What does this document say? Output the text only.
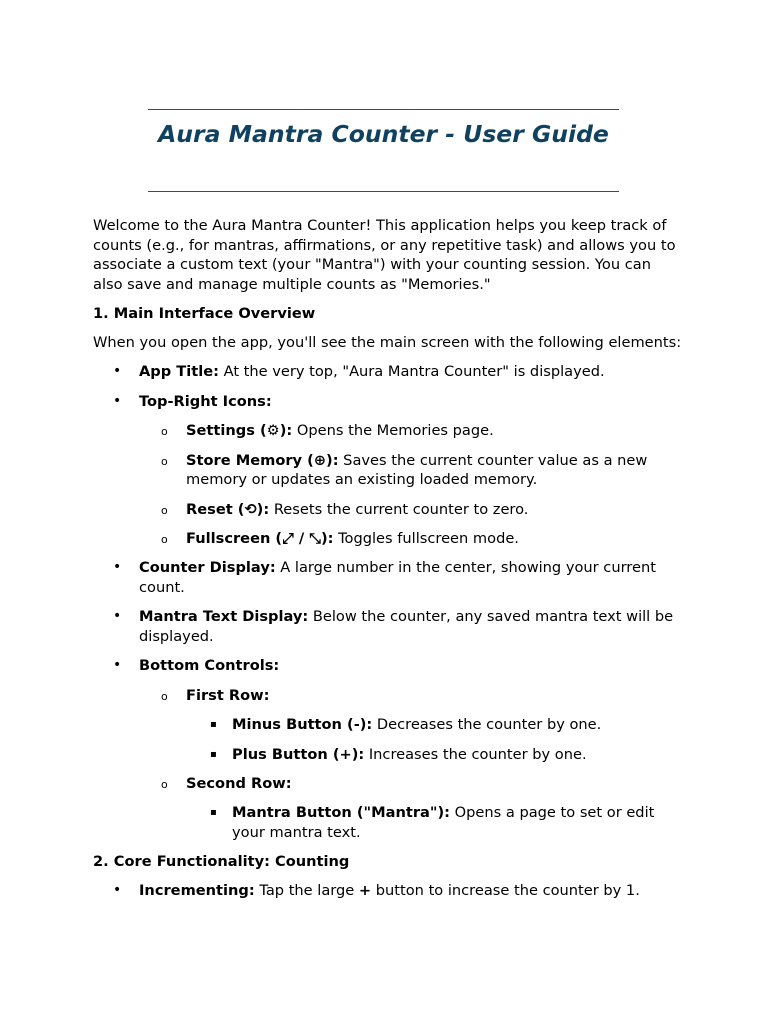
Aura Mantra Counter - User Guide

Welcome to the Aura Mantra Counter! This application helps you keep track of counts (e.g., for mantras, affirmations, or any repetitive task) and allows you to associate a custom text (your "Mantra") with your counting session. You can also save and manage multiple counts as "Memories."

1. Main Interface Overview

When you open the app, you'll see the main screen with the following elements:

• App Title: At the very top, "Aura Mantra Counter" is displayed.
• Top-Right Icons:
o Settings (⚙): Opens the Memories page.
o Store Memory (⊕): Saves the current counter value as a new memory or updates an existing loaded memory.
o Reset (⟲): Resets the current counter to zero.
o Fullscreen (⤢ / ⤡): Toggles fullscreen mode.
• Counter Display: A large number in the center, showing your current count.
• Mantra Text Display: Below the counter, any saved mantra text will be displayed.
• Bottom Controls:
o First Row:
▪ Minus Button (-): Decreases the counter by one.
▪ Plus Button (+): Increases the counter by one.
o Second Row:
▪ Mantra Button ("Mantra"): Opens a page to set or edit your mantra text.

2. Core Functionality: Counting

• Incrementing: Tap the large + button to increase the counter by 1.
